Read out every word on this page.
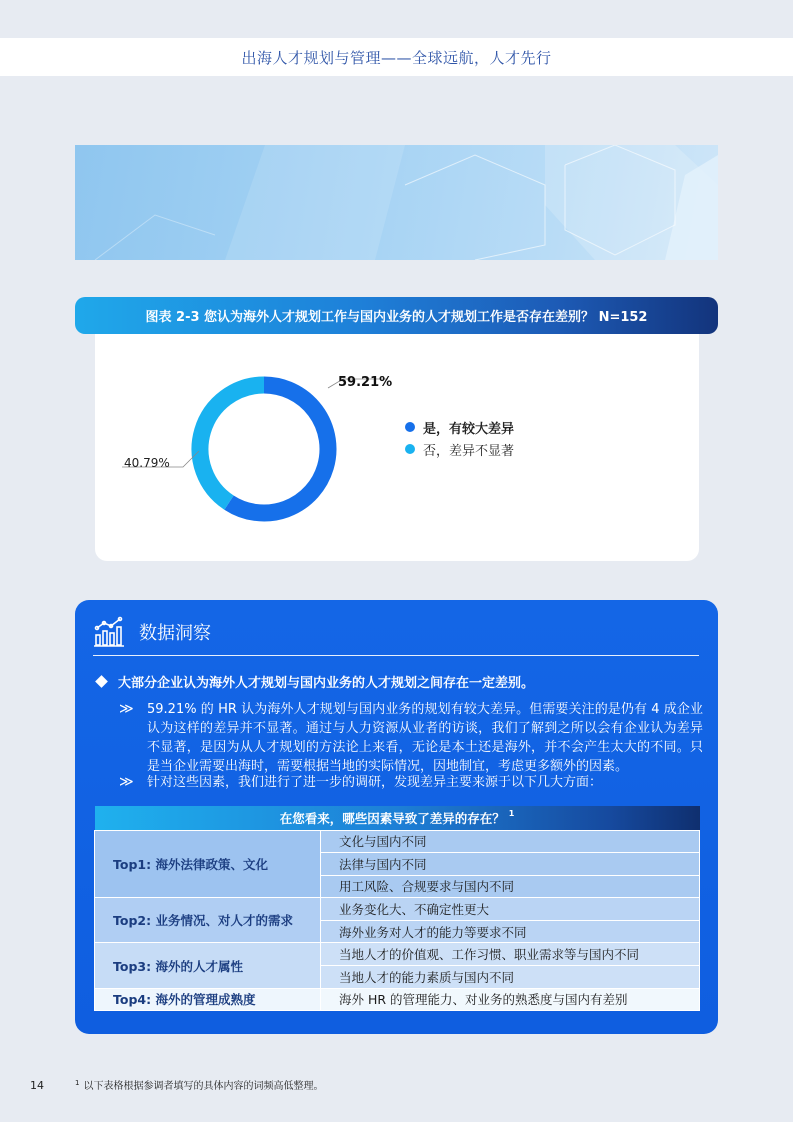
出海人才规划与管理——全球远航，人才先行
图表 2-3 您认为海外人才规划工作与国内业务的人才规划工作是否存在差别？ N=152
59.21%
40.79%
是，有较大差异
否，差异不显著
数据洞察
大部分企业认为海外人才规划与国内业务的人才规划之间存在一定差别。
≫	59.21% 的 HR 认为海外人才规划与国内业务的规划有较大差异。但需要关注的是仍有 4 成企业认为这样的差异并不显著。通过与人力资源从业者的访谈，我们了解到之所以会有企业认为差异不显著，是因为从人才规划的方法论上来看，无论是本土还是海外，并不会产生太大的不同。只是当企业需要出海时，需要根据当地的实际情况，因地制宜，考虑更多额外的因素。
≫	针对这些因素，我们进行了进一步的调研，发现差异主要来源于以下几大方面：
在您看来，哪些因素导致了差异的存在？ $^1$
Top1: 海外法律政策、文化	文化与国内不同
	法律与国内不同
	用工风险、合规要求与国内不同
Top2: 业务情况、对人才的需求	业务变化大、不确定性更大
	海外业务对人才的能力等要求不同
Top3: 海外的人才属性	当地人才的价值观、工作习惯、职业需求等与国内不同
	当地人才的能力素质与国内不同
Top4: 海外的管理成熟度	海外 HR 的管理能力、对业务的熟悉度与国内有差别
14	$^1$ 以下表格根据参调者填写的具体内容的词频高低整理。
